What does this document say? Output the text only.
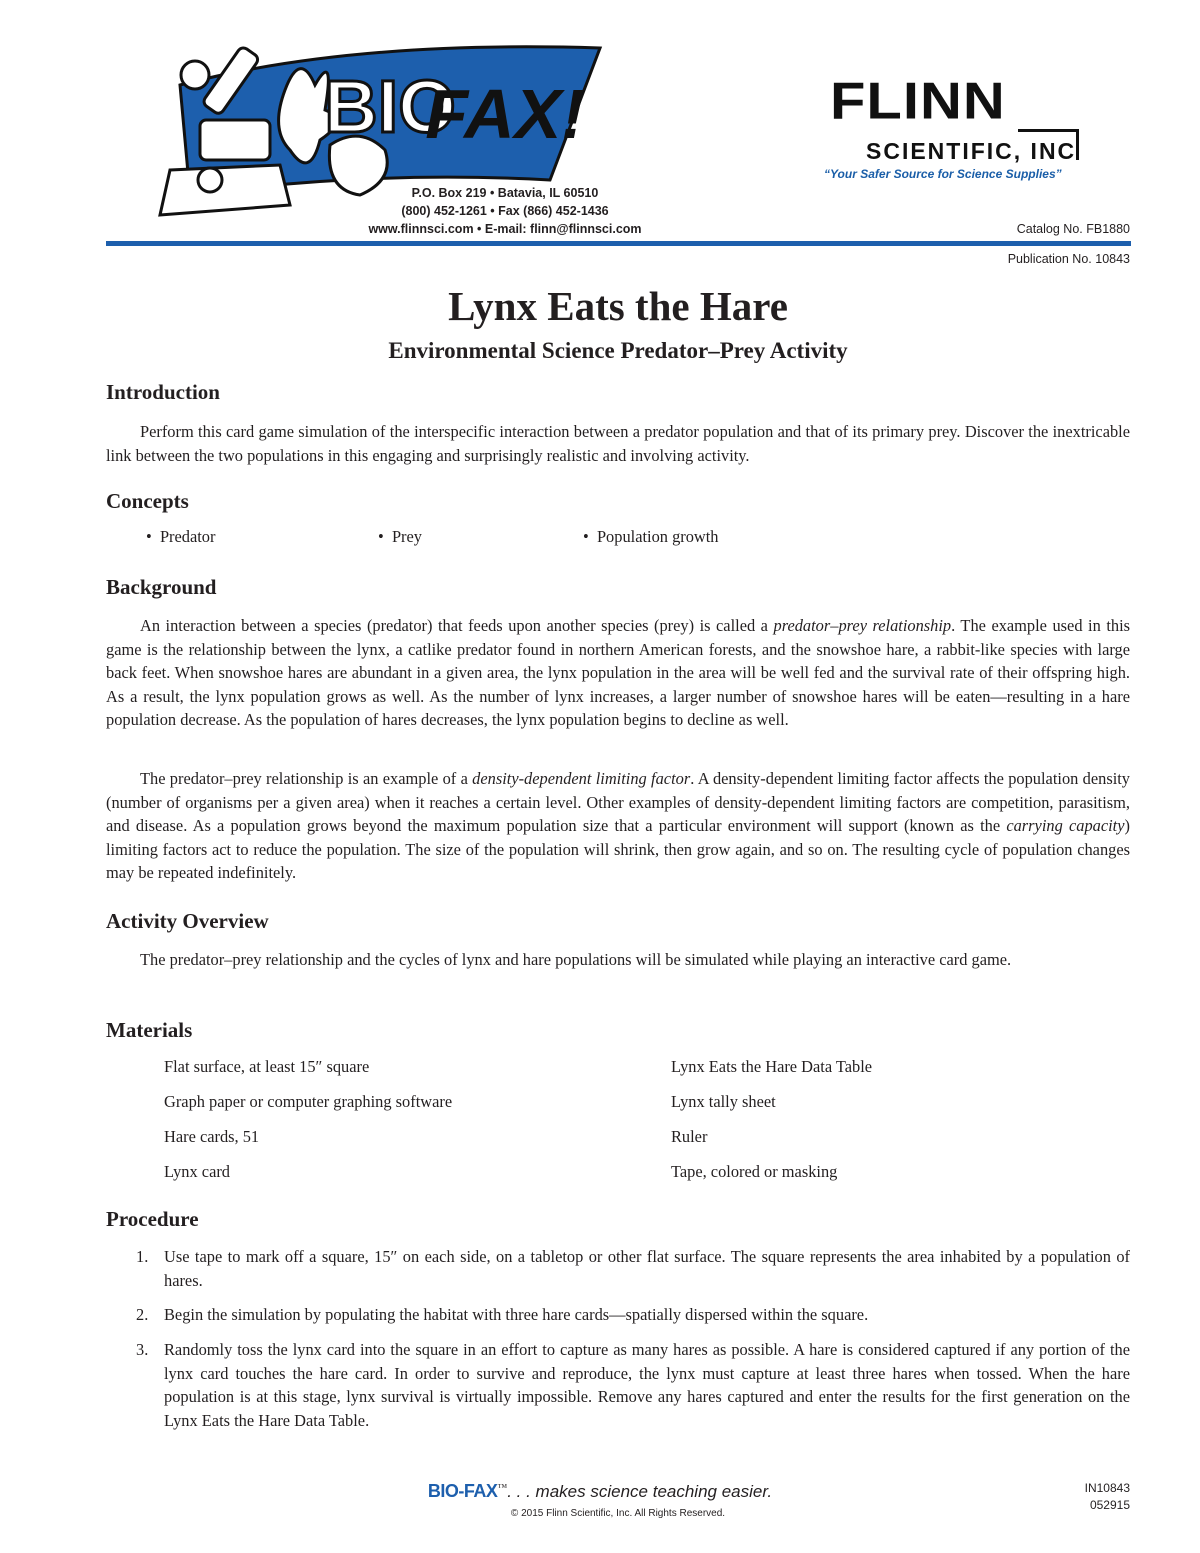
BIO
FAX!
P.O. Box 219 • Batavia, IL 60510
(800) 452-1261 • Fax (866) 452-1436
www.flinnsci.com • E-mail: flinn@flinnsci.com
FLINN
SCIENTIFIC, INC
“Your Safer Source for Science Supplies”
Catalog No. FB1880
Publication No. 10843
Lynx Eats the Hare
Environmental Science Predator–Prey Activity
Introduction

Perform this card game simulation of the interspecific interaction between a predator population and that of its primary prey. Discover the inextricable link between the two populations in this engaging and surprisingly realistic and involving activity.

Concepts
•  Predator	•  Prey	•  Population growth
Background

An interaction between a species (predator) that feeds upon another species (prey) is called a predator–prey relationship. The example used in this game is the relationship between the lynx, a catlike predator found in northern American forests, and the snowshoe hare, a rabbit-like species with large back feet. When snowshoe hares are abundant in a given area, the lynx population in the area will be well fed and the survival rate of their offspring high. As a result, the lynx population grows as well. As the number of lynx increases, a larger number of snowshoe hares will be eaten—resulting in a hare population decrease. As the population of hares decreases, the lynx population begins to decline as well.

The predator–prey relationship is an example of a density-dependent limiting factor. A density-dependent limiting factor affects the population density (number of organisms per a given area) when it reaches a certain level. Other examples of density-dependent limiting factors are competition, parasitism, and disease. As a population grows beyond the maximum population size that a particular environment will support (known as the carrying capacity) limiting factors act to reduce the population. The size of the population will shrink, then grow again, and so on. The resulting cycle of population changes may be repeated indefinitely.

Activity Overview

The predator–prey relationship and the cycles of lynx and hare populations will be simulated while playing an interactive card game.

Materials
Flat surface, at least 15″ square
Graph paper or computer graphing software
Hare cards, 51
Lynx card
Lynx Eats the Hare Data Table
Lynx tally sheet
Ruler
Tape, colored or masking
Procedure
1. Use tape to mark off a square, 15″ on each side, on a tabletop or other flat surface. The square represents the area inhabited by a population of hares.
2. Begin the simulation by populating the habitat with three hare cards—spatially dispersed within the square.
3. Randomly toss the lynx card into the square in an effort to capture as many hares as possible. A hare is considered captured if any portion of the lynx card touches the hare card. In order to survive and reproduce, the lynx must capture at least three hares when tossed. When the hare population is at this stage, lynx survival is virtually impossible. Remove any hares captured and enter the results for the first generation on the Lynx Eats the Hare Data Table.
BIO-FAX™. . . makes science teaching easier.
© 2015 Flinn Scientific, Inc. All Rights Reserved.
IN10843
052915
